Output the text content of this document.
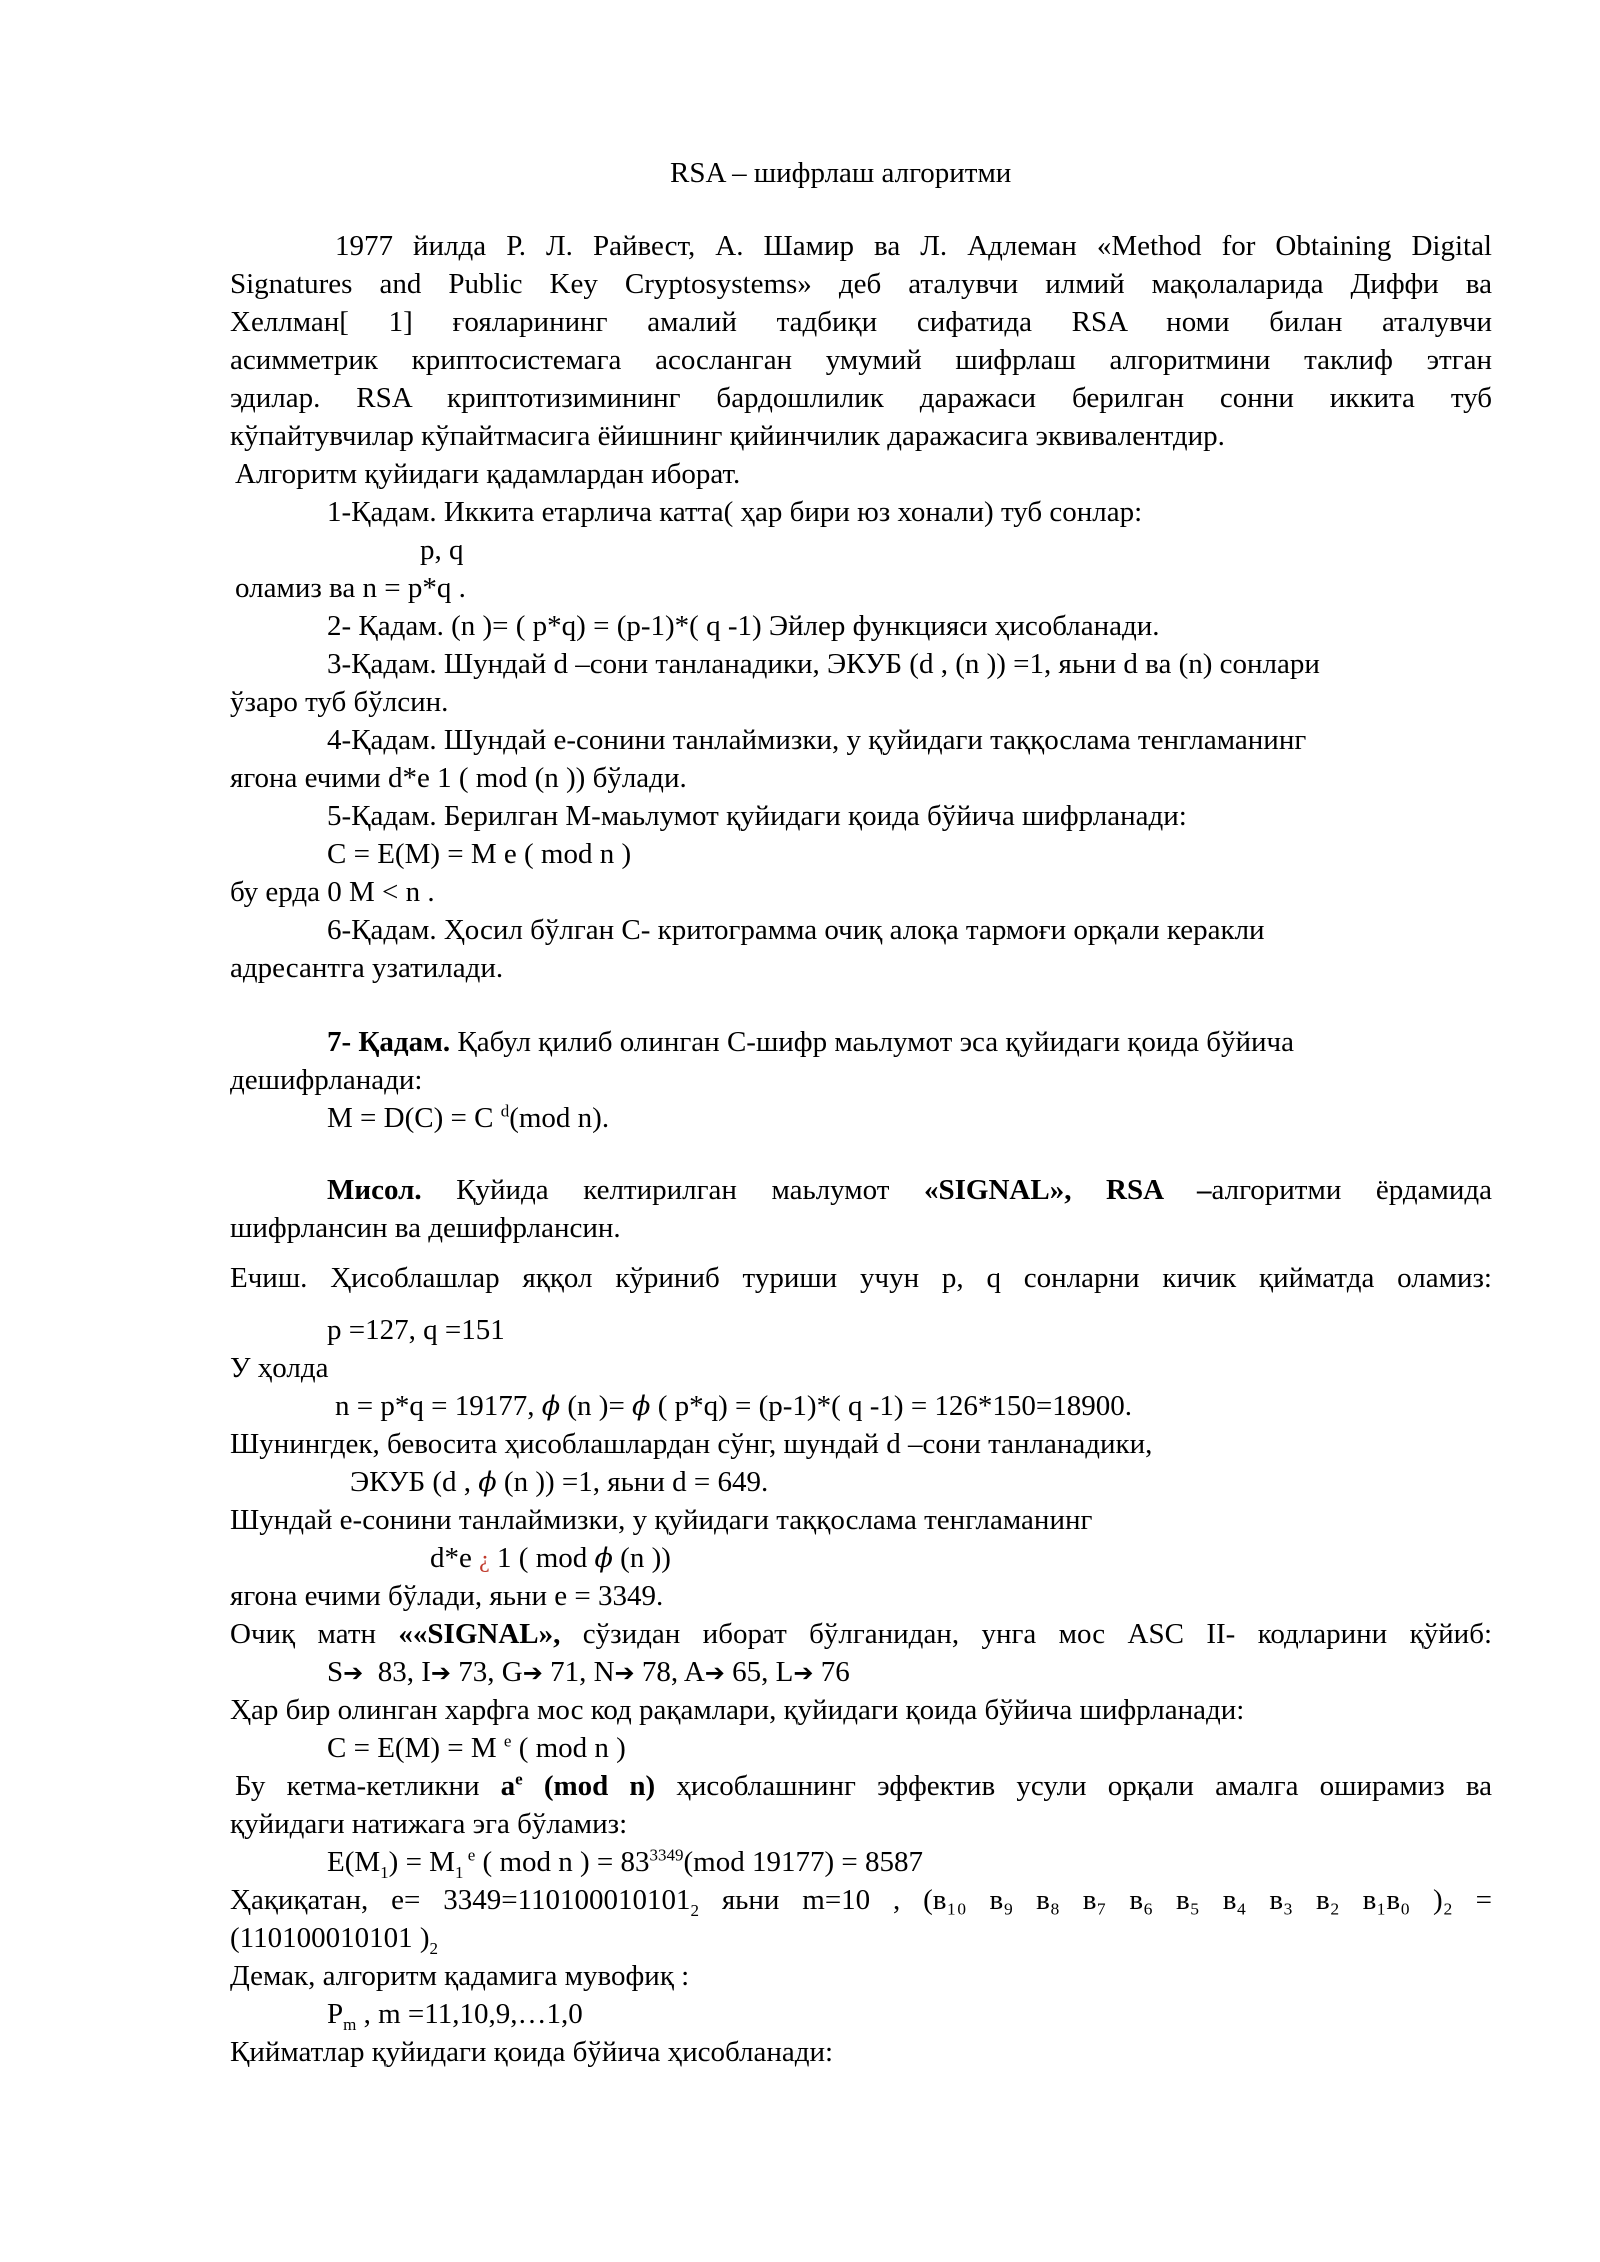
RSA – шифрлаш алгоритми
1977 йилда Р. Л. Райвест, А. Шамир ва Л. Адлеман «Method for Obtaining Digital
Signatures and Public Key Cryptosystems» деб аталувчи илмий мақолаларида Диффи ва
Хеллман[ 1] ғояларининг амалий тадбиқи сифатида RSA номи билан аталувчи
асимметрик криптосистемага асосланган умумий шифрлаш алгоритмини таклиф этган
эдилар. RSA криптотизимининг бардошлилик даражаси берилган сонни иккита туб
кўпайтувчилар кўпайтмасига ёйишнинг қийинчилик даражасига эквивалентдир.
Алгоритм қуйидаги қадамлардан иборат.
1-Қадам. Иккита етарлича катта( ҳар бири юз хонали) туб сонлар:
p, q
оламиз ва n = p*q .
2- Қадам. (n )= ( p*q) = (p-1)*( q -1) Эйлер функцияси ҳисобланади.
3-Қадам. Шундай d –сони танланадики, ЭКУБ (d , (n )) =1, яьни d ва (n) сонлари
ўзаро туб бўлсин.
4-Қадам. Шундай e-сонини танлаймизки, у қуйидаги таққослама тенгламанинг
ягона ечими d*e 1 ( mod (n )) бўлади.
5-Қадам. Берилган M-маьлумот қуйидаги қоида бўйича шифрланади:
C = E(M) = M e ( mod n )
бу ерда 0 M < n .
6-Қадам. Ҳосил бўлган C- критограмма очиқ алоқа тармоғи орқали керакли
адресантга узатилади.
7- Қадам. Қабул қилиб олинган C-шифр маьлумот эса қуйидаги қоида бўйича
дешифрланади:
M = D(C) = C $^d$(mod n).
Мисол. Қуйида келтирилган маьлумот «SIGNAL», RSA –алгоритми ёрдамида
шифрлансин ва дешифрлансин.
Ечиш. Ҳисоблашлар яққол кўриниб туриши учун p, q сонларни кичик қийматда оламиз:
p =127, q =151
У ҳолда
n = p*q = 19177, ϕ (n )= ϕ ( p*q) = (p-1)*( q -1) = 126*150=18900.
Шунингдек, бевосита ҳисоблашлардан сўнг, шундай d –сони танланадики,
ЭКУБ (d , ϕ (n )) =1, яьни d = 649.
Шундай e-сонини танлаймизки, у қуйидаги таққослама тенгламанинг
d*e ¿ 1 ( mod ϕ (n ))
ягона ечими бўлади, яьни e = 3349.
Очиқ матн ««SIGNAL», сўзидан иборат бўлганидан, унга мос ASC II- кодларини қўйиб:
S➔  83, I➔ 73, G➔ 71, N➔ 78, A➔ 65, L➔ 76
Ҳар бир олинган харфга мос код рақамлари, қуйидаги қоида бўйича шифрланади:
C = E(M) = M $^e$ ( mod n )
Бу кетма-кетликни $a^e$ (mod n) ҳисоблашнинг эффектив усули орқали амалга оширамиз ва
қуйидаги натижага эга бўламиз:
$E(M_1) = M_1$ $^e$ ( mod n ) = $83^{3349}(mod$ 19177) = 8587
Ҳақиқатан, $e= 3349=110100010101_2$ яьни m=10 , (в₁₀ в₉ в₈ в₇ в₆ в₅ в₄ в₃ в₂ в₁в₀ )₂ =
(110100010101 )$_2$
Демак, алгоритм қадамига мувофиқ :
$P_m$ , m =11,10,9,…1,0
Қийматлар қуйидаги қоида бўйича ҳисобланади:
